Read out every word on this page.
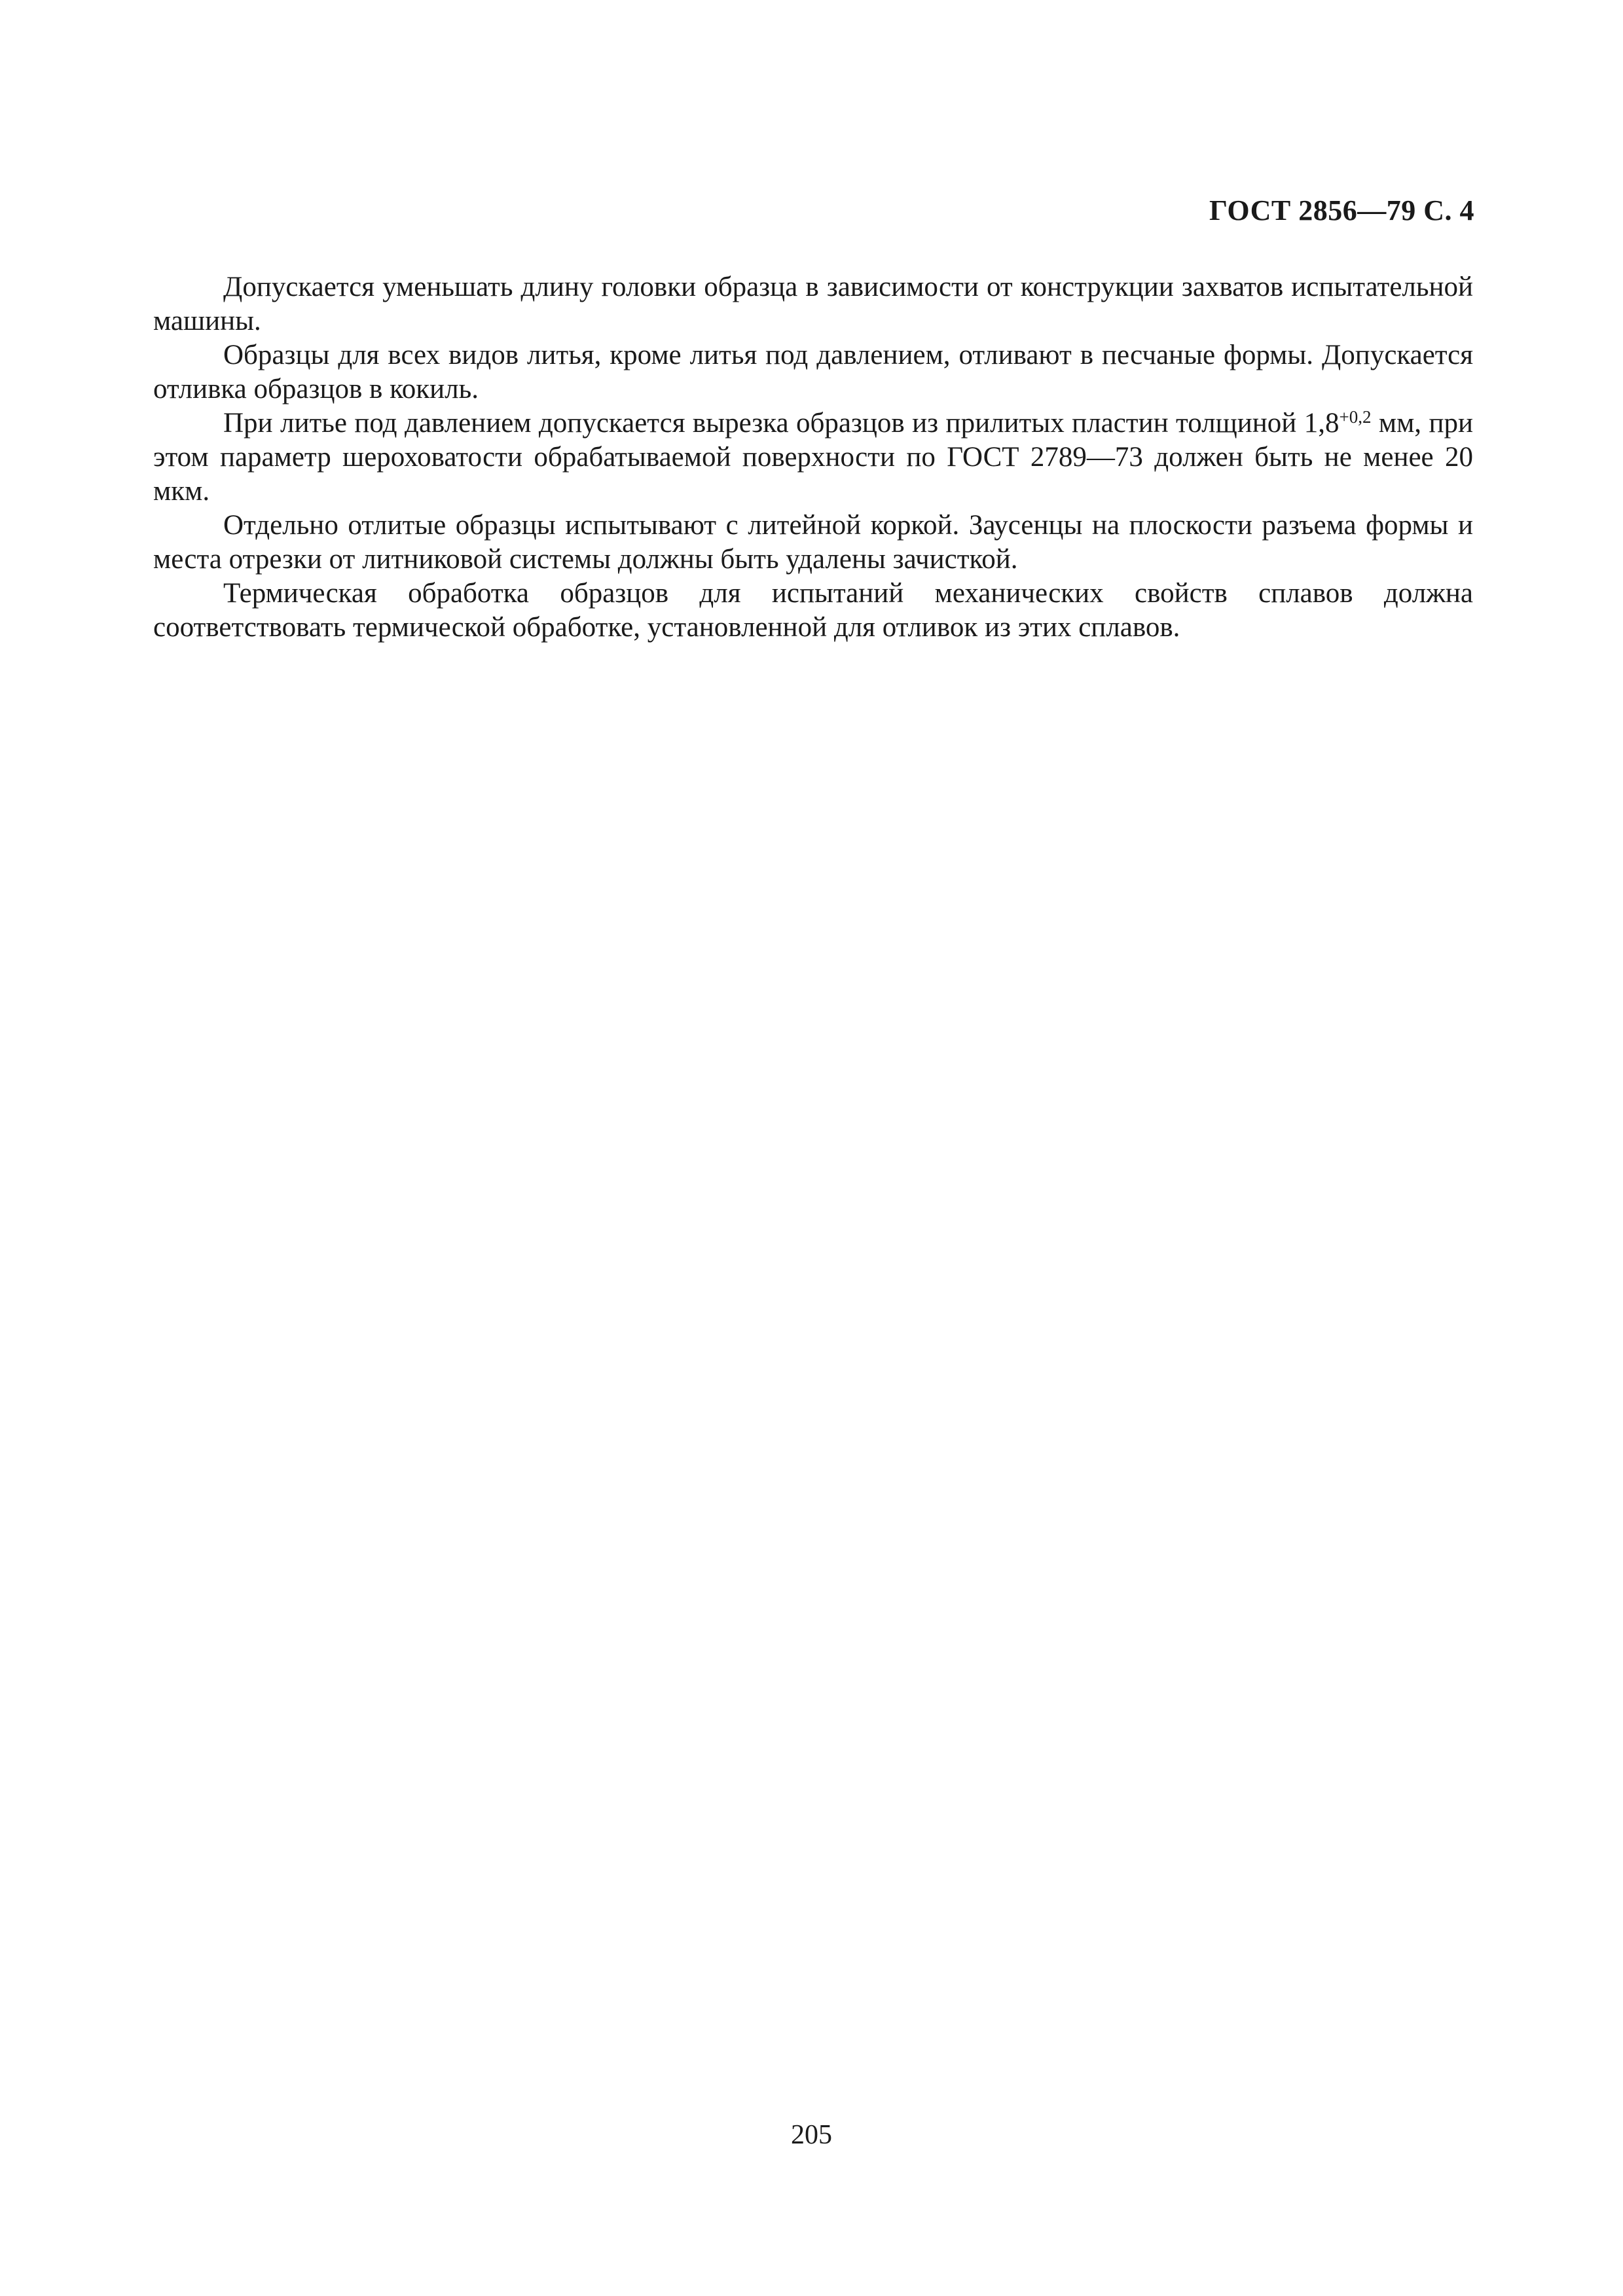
ГОСТ 2856—79 С. 4

Допускается уменьшать длину головки образца в зависимости от конструкции захватов испытательной машины.

Образцы для всех видов литья, кроме литья под давлением, отливают в песчаные формы. Допускается отливка образцов в кокиль.

При литье под давлением допускается вырезка образцов из прилитых пластин толщиной $1,8^{+0,2}$ мм, при этом параметр шероховатости обрабатываемой поверхности по ГОСТ 2789—73 должен быть не менее 20 мкм.

Отдельно отлитые образцы испытывают с литейной коркой. Заусенцы на плоскости разъема формы и места отрезки от литниковой системы должны быть удалены зачисткой.

Термическая обработка образцов для испытаний механических свойств сплавов должна соответствовать термической обработке, установленной для отливок из этих сплавов.

205
